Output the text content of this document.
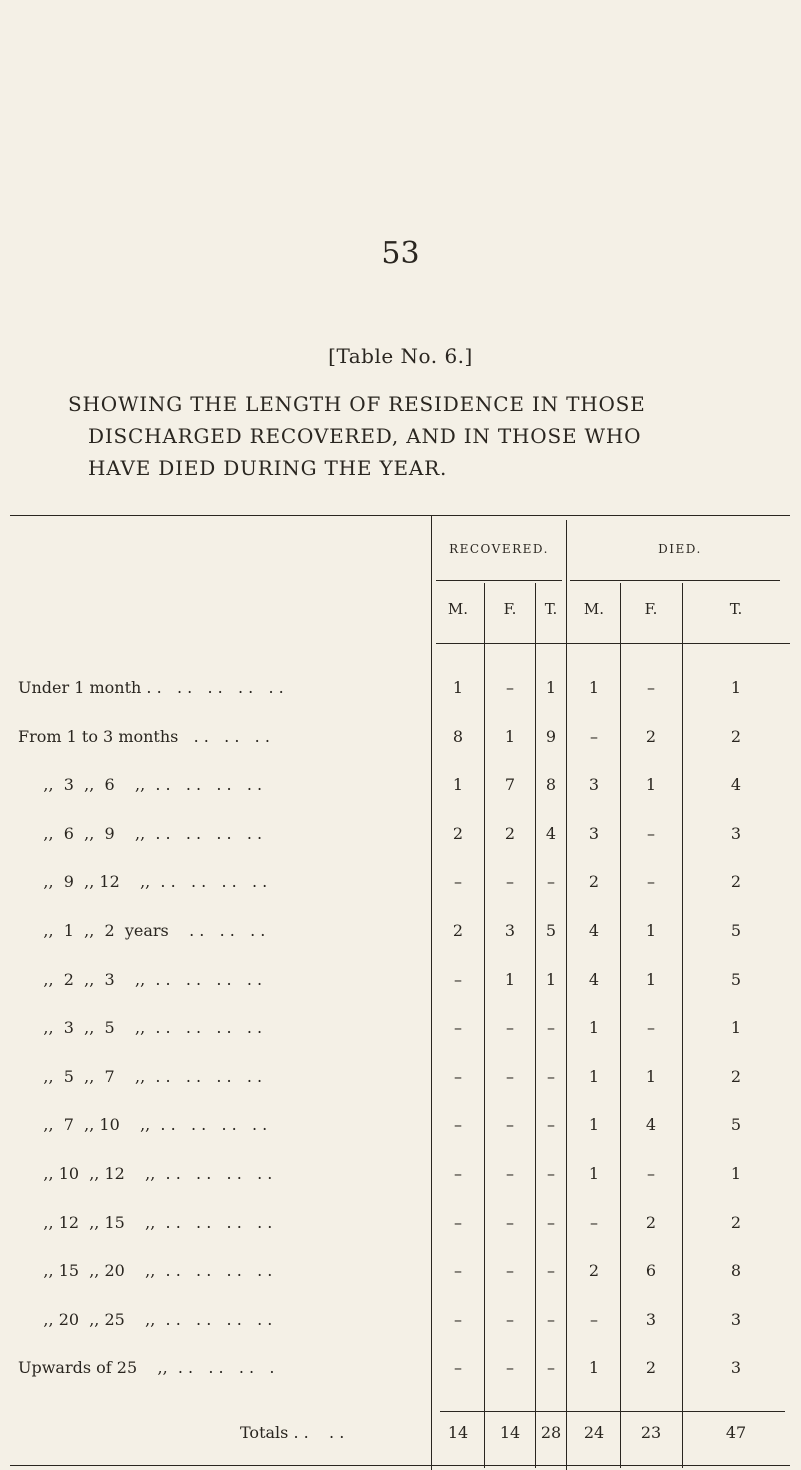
53
[Table No. 6.]
SHOWING THE LENGTH OF RESIDENCE IN THOSE
DISCHARGED RECOVERED, AND IN THOSE WHO
HAVE DIED DURING THE YEAR.
RECOVERED.	DIED.
M.	F.	T.	M.	F.	T.
Under 1 month . .   . .   . .   . .   . .	1	–	1	1	–	1
From 1 to 3 months   . .   . .   . .	8	1	9	–	2	2
,,  3  ,,  6    ,,  . .   . .   . .   . .	1	7	8	3	1	4
,,  6  ,,  9    ,,  . .   . .   . .   . .	2	2	4	3	–	3
,,  9  ,, 12    ,,  . .   . .   . .   . .	–	–	–	2	–	2
,,  1  ,,  2  years    . .   . .   . .	2	3	5	4	1	5
,,  2  ,,  3    ,,  . .   . .   . .   . .	–	1	1	4	1	5
,,  3  ,,  5    ,,  . .   . .   . .   . .	–	–	–	1	–	1
,,  5  ,,  7    ,,  . .   . .   . .   . .	–	–	–	1	1	2
,,  7  ,, 10    ,,  . .   . .   . .   . .	–	–	–	1	4	5
,, 10  ,, 12    ,,  . .   . .   . .   . .	–	–	–	1	–	1
,, 12  ,, 15    ,,  . .   . .   . .   . .	–	–	–	–	2	2
,, 15  ,, 20    ,,  . .   . .   . .   . .	–	–	–	2	6	8
,, 20  ,, 25    ,,  . .   . .   . .   . .	–	–	–	–	3	3
Upwards of 25    ,,  . .   . .   . .   .	–	–	–	1	2	3
Totals . .    . .	14	14	28	24	23	47
